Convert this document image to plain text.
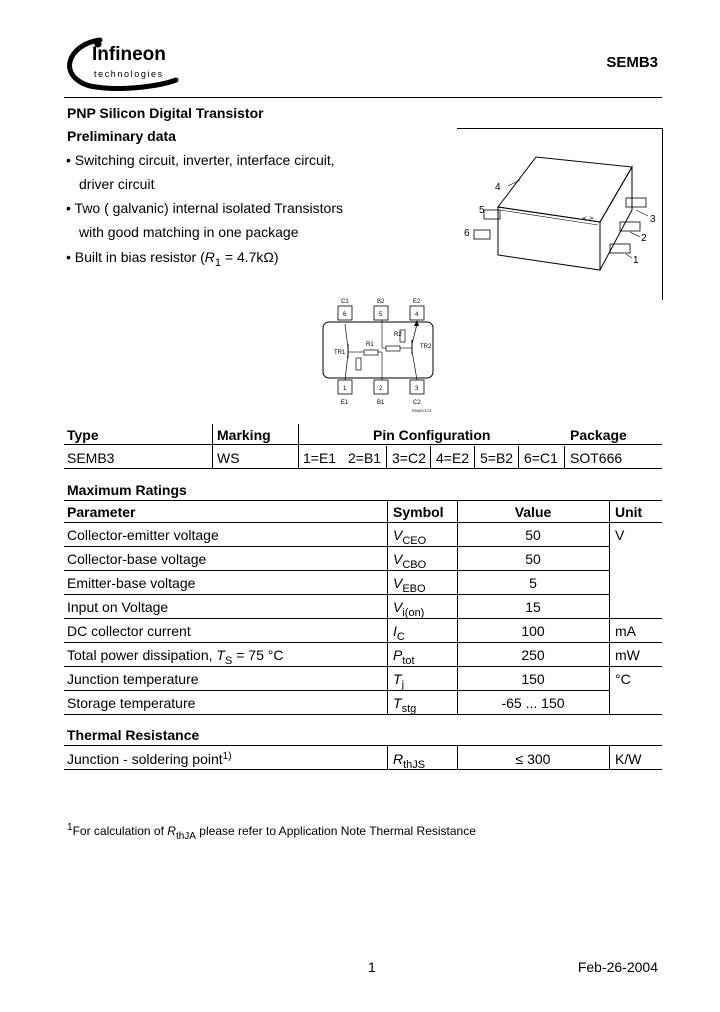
Infineon
technologies
SEMB3
PNP Silicon Digital Transistor
Preliminary data
• Switching circuit, inverter, interface circuit,
driver circuit
• Two ( galvanic) internal isolated Transistors
with good matching in one package
• Built in bias resistor $(R_1 = 4.7k\Omega)$
< >	3
2
1
4
5
6
C1	B2	E2
6	5	4
1	2	3
E1	B1	C2
TR1
TR2
R1
R2
EHA07173
Type	Marking	Pin Configuration	Package
SEMB3	WS	1=E1 2=B1 3=C2 4=E2 5=B2 6=C1 SOT666
Maximum Ratings
Parameter	Symbol	Value	Unit
Collector-emitter voltage	$V_{CEO}$	50	V
Collector-base voltage	$V_{CBO}$	50
Emitter-base voltage	$V_{EBO}$	5
Input on Voltage	$V_{i(on)}$	15
DC collector current	$I_C$	100	mA
Total power dissipation, $T_S = 75$ °C	$P_{tot}$	250	mW
Junction temperature	$T_j$	150	°C
Storage temperature	$T_{stg}$	-65 ... 150
Thermal Resistance
Junction - soldering point$^{1)}$	$R_{thJS}$	≤ 300	K/W
$^1$For calculation of $R_{thJA}$ please refer to Application Note Thermal Resistance
1	Feb-26-2004
